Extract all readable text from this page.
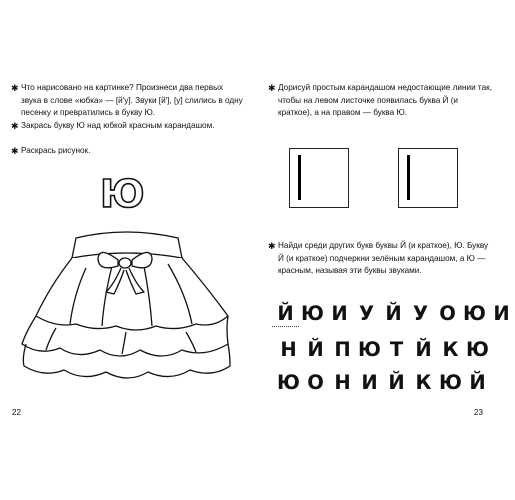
✱ Что нарисовано на картинке? Произнеси два первых звука в слове «юбка» — [й'у]. Звуки [й'], [у] слились в одну песенку и превратились в букву Ю.
✱ Закрась букву Ю над юбкой красным карандашом.
✱ Раскрась рисунок.
Ю
22
✱ Дорисуй простым карандашом недостающие линии так, чтобы на левом листочке появилась буква Й (и краткое), а на правом — буква Ю.
✱ Найди среди других букв буквы Й (и краткое), Ю. Букву Й (и краткое) подчеркни зелёным карандашом, а Ю — красным, называя эти буквы звуками.
Й Ю И У Й У О Ю И
Н Й П Ю Т Й К Ю
Ю О Н И Й К Ю Й
23
